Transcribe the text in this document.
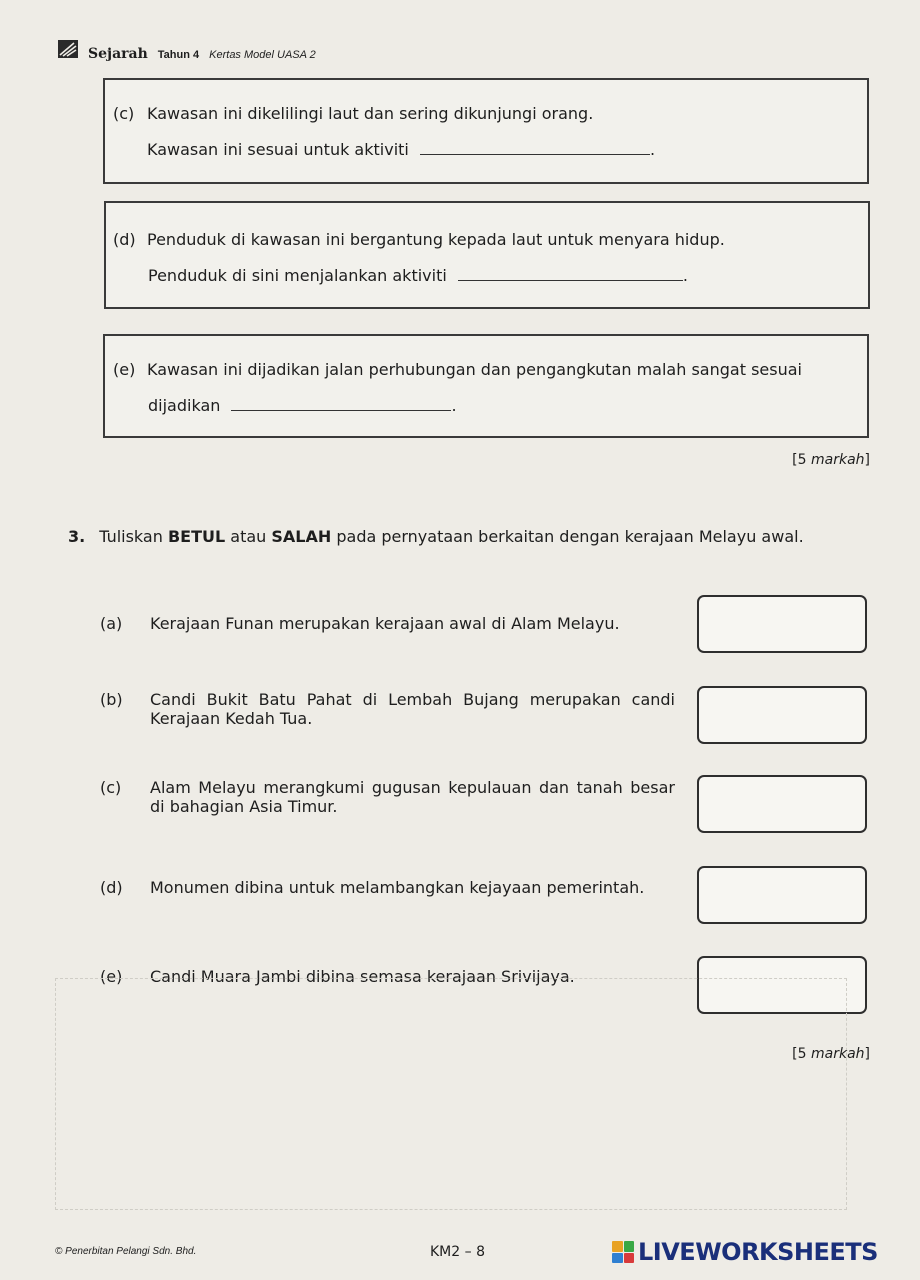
Sejarah Tahun 4 Kertas Model UASA 2
(c) Kawasan ini dikelilingi laut dan sering dikunjungi orang.
Kawasan ini sesuai untuk aktiviti	.
(d) Penduduk di kawasan ini bergantung kepada laut untuk menyara hidup.
Penduduk di sini menjalankan aktiviti	.
(e) Kawasan ini dijadikan jalan perhubungan dan pengangkutan malah sangat sesuai
dijadikan	.
[5 markah]
3. Tuliskan BETUL atau SALAH pada pernyataan berkaitan dengan kerajaan Melayu awal.
(a) Kerajaan Funan merupakan kerajaan awal di Alam Melayu.
(b) Candi Bukit Batu Pahat di Lembah Bujang merupakan candi Kerajaan Kedah Tua.
(c) Alam Melayu merangkumi gugusan kepulauan dan tanah besar di bahagian Asia Timur.
(d) Monumen dibina untuk melambangkan kejayaan pemerintah.
(e) Candi Muara Jambi dibina semasa kerajaan Srivijaya.
[5 markah]
© Penerbitan Pelangi Sdn. Bhd.	KM2 – 8	LIVEWORKSHEETS
